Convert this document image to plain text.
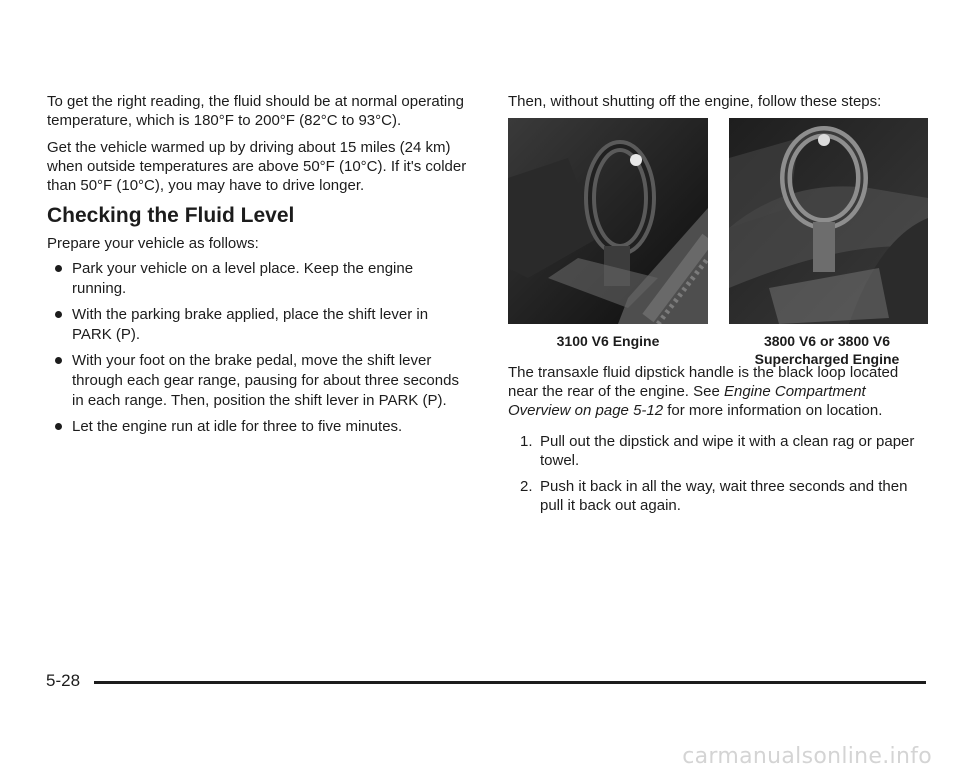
To get the right reading, the fluid should be at normal operating temperature, which is 180°F to 200°F (82°C to 93°C).

Get the vehicle warmed up by driving about 15 miles (24 km) when outside temperatures are above 50°F (10°C). If it's colder than 50°F (10°C), you may have to drive longer.

Checking the Fluid Level

Prepare your vehicle as follows:

Park your vehicle on a level place. Keep the engine running.
With the parking brake applied, place the shift lever in PARK (P).
With your foot on the brake pedal, move the shift lever through each gear range, pausing for about three seconds in each range. Then, position the shift lever in PARK (P).
Let the engine run at idle for three to five minutes.

Then, without shutting off the engine, follow these steps:

3100 V6 Engine	3800 V6 or 3800 V6 Supercharged Engine

The transaxle fluid dipstick handle is the black loop located near the rear of the engine. See Engine Compartment Overview on page 5-12 for more information on location.

1. Pull out the dipstick and wipe it with a clean rag or paper towel.
2. Push it back in all the way, wait three seconds and then pull it back out again.
5-28
carmanualsonline.info
